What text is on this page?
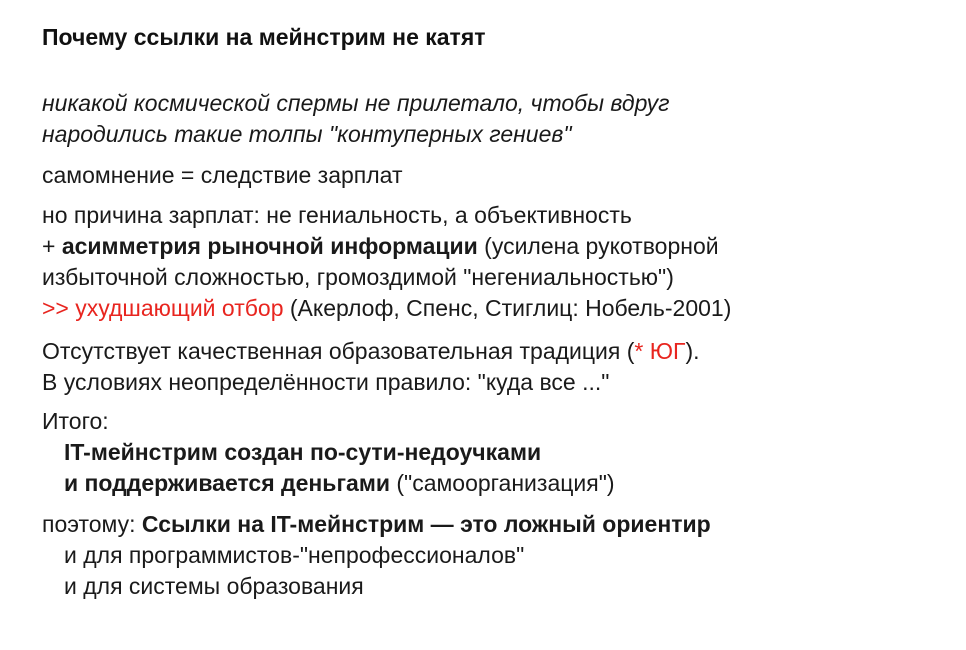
Почему ссылки на мейнстрим не катят
никакой космической спермы не прилетало, чтобы вдруг
народились такие толпы "контуперных гениев"
самомнение = следствие зарплат
но причина зарплат: не гениальность, а объективность
+ асимметрия рыночной информации (усилена рукотворной
избыточной сложностью, громоздимой "негениальностью")
>> ухудшающий отбор (Акерлоф, Спенс, Стиглиц: Нобель-2001)
Отсутствует качественная образовательная традиция (* ЮГ).
В условиях неопределённости правило: "куда все ..."
Итого:
IT-мейнстрим создан по-сути-недоучками
и поддерживается деньгами ("самоорганизация")
поэтому: Ссылки на IT-мейнстрим — это ложный ориентир
и для программистов-"непрофессионалов"
и для системы образования
